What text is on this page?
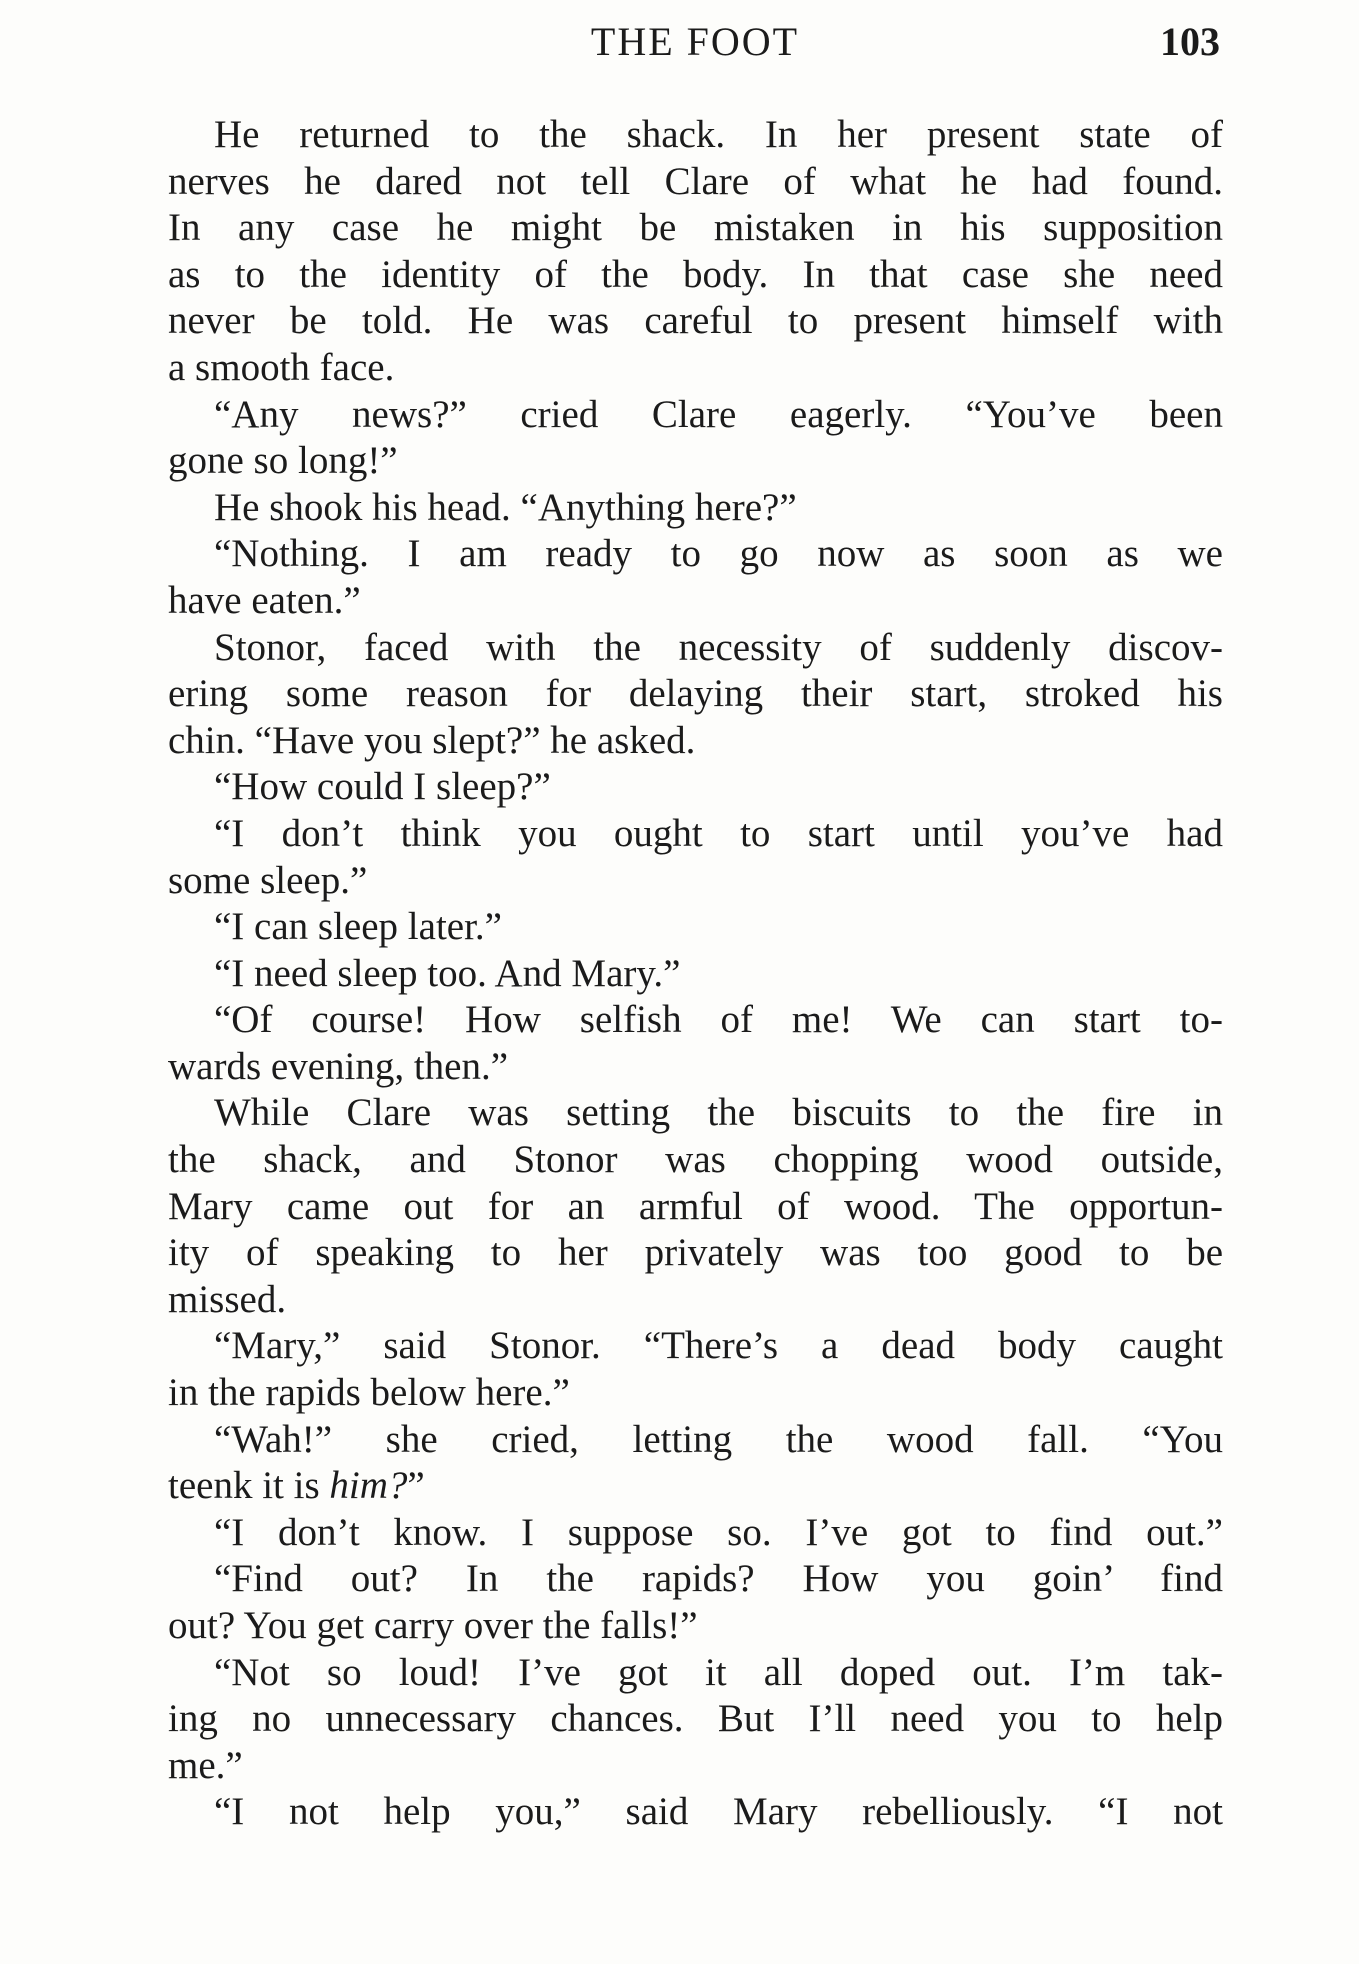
THE FOOT	103
He returned to the shack. In her present state of
nerves he dared not tell Clare of what he had found.
In any case he might be mistaken in his supposition
as to the identity of the body. In that case she need
never be told. He was careful to present himself with
a smooth face.
“Any news?” cried Clare eagerly. “You’ve been
gone so long!”
He shook his head. “Anything here?”
“Nothing. I am ready to go now as soon as we
have eaten.”
Stonor, faced with the necessity of suddenly discov-
ering some reason for delaying their start, stroked his
chin. “Have you slept?” he asked.
“How could I sleep?”
“I don’t think you ought to start until you’ve had
some sleep.”
“I can sleep later.”
“I need sleep too. And Mary.”
“Of course! How selfish of me! We can start to-
wards evening, then.”
While Clare was setting the biscuits to the fire in
the shack, and Stonor was chopping wood outside,
Mary came out for an armful of wood. The opportun-
ity of speaking to her privately was too good to be
missed.
“Mary,” said Stonor. “There’s a dead body caught
in the rapids below here.”
“Wah!” she cried, letting the wood fall. “You
teenk it is him?”
“I don’t know. I suppose so. I’ve got to find out.”
“Find out? In the rapids? How you goin’ find
out? You get carry over the falls!”
“Not so loud! I’ve got it all doped out. I’m tak-
ing no unnecessary chances. But I’ll need you to help
me.”
“I not help you,” said Mary rebelliously. “I not
